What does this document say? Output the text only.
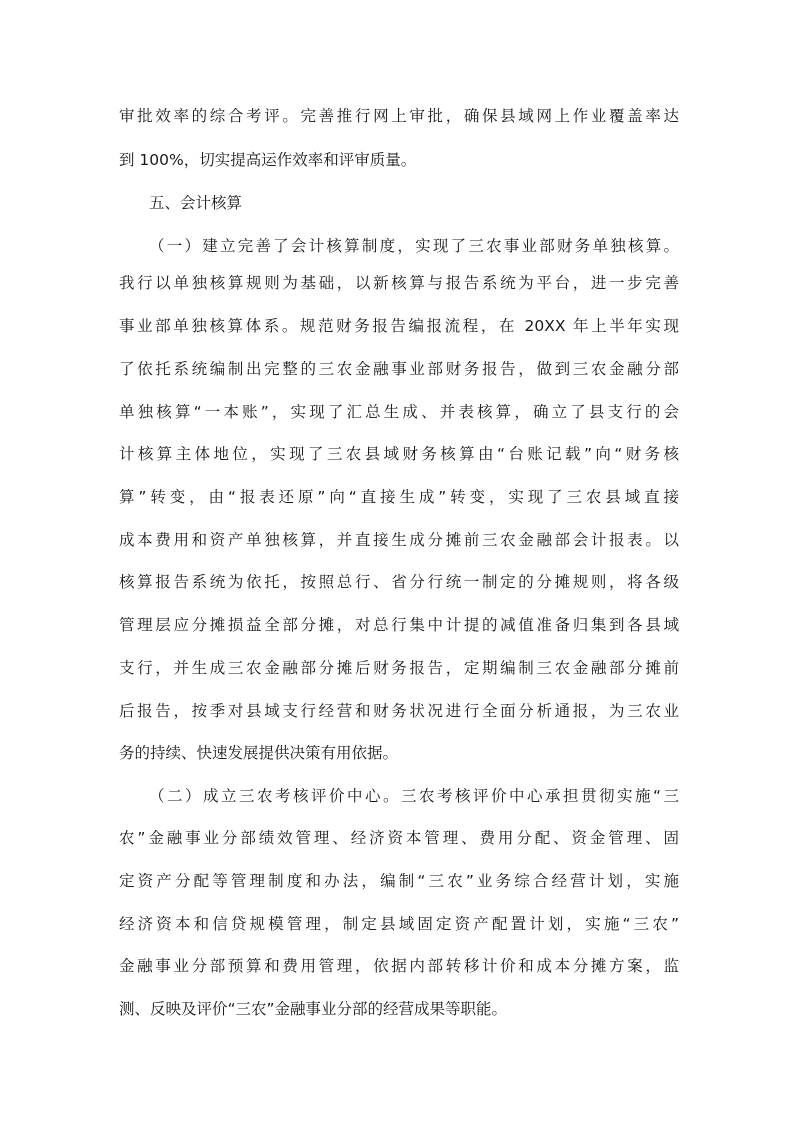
审批效率的综合考评。完善推行网上审批，确保县域网上作业覆盖率达
到 100%，切实提高运作效率和评审质量。
五、会计核算
（一）建立完善了会计核算制度，实现了三农事业部财务单独核算。
我行以单独核算规则为基础，以新核算与报告系统为平台，进一步完善
事业部单独核算体系。规范财务报告编报流程，在 20XX 年上半年实现
了依托系统编制出完整的三农金融事业部财务报告，做到三农金融分部
单独核算“一本账”，实现了汇总生成、并表核算，确立了县支行的会
计核算主体地位，实现了三农县域财务核算由“台账记载”向“财务核
算”转变，由“报表还原”向“直接生成”转变，实现了三农县域直接
成本费用和资产单独核算，并直接生成分摊前三农金融部会计报表。以
核算报告系统为依托，按照总行、省分行统一制定的分摊规则，将各级
管理层应分摊损益全部分摊，对总行集中计提的减值准备归集到各县域
支行，并生成三农金融部分摊后财务报告，定期编制三农金融部分摊前
后报告，按季对县域支行经营和财务状况进行全面分析通报，为三农业
务的持续、快速发展提供决策有用依据。
（二）成立三农考核评价中心。三农考核评价中心承担贯彻实施“三
农”金融事业分部绩效管理、经济资本管理、费用分配、资金管理、固
定资产分配等管理制度和办法，编制“三农”业务综合经营计划，实施
经济资本和信贷规模管理，制定县域固定资产配置计划，实施“三农”
金融事业分部预算和费用管理，依据内部转移计价和成本分摊方案，监
测、反映及评价“三农”金融事业分部的经营成果等职能。
